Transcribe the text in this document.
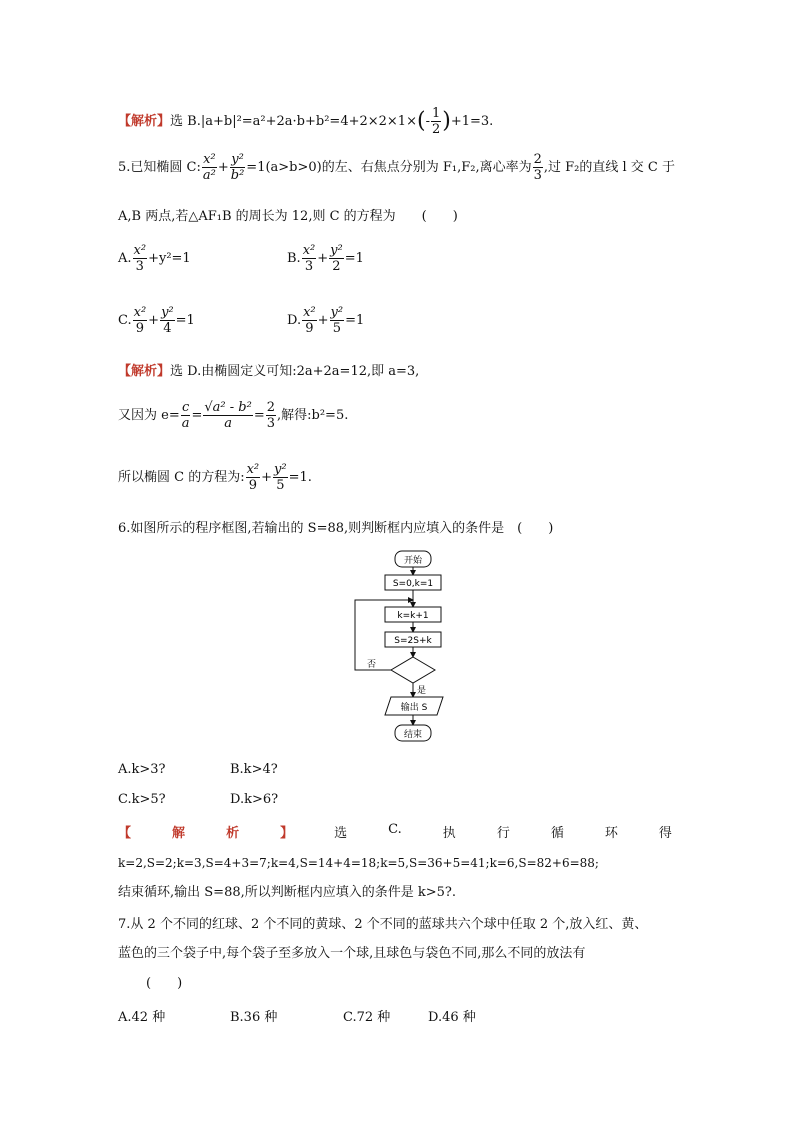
【解析】选 $B.|a+b|^2=a^2+2a\cdot b+b^2=4+2\times 2\times 1\times(- \frac{1}{2} )+1=3$.
5.已知椭圆 C: $\frac{\text{x²}}{\text{a²}} + \frac{\text{y²}}{\text{b²}} =1(a>b>0)$的左、右焦点分别为 F₁,F₂,离心率为 $\frac{2}{3}$ ,过 F₂的直线 l 交 C 于
A,B 两点,若△AF₁B 的周长为 12,则 C 的方程为　　(　　)
A. $\frac{\text{x²}}{3} +y^2=1$	B. $\frac{\text{x²}}{3} + \frac{\text{y²}}{2} =1$
C. $\frac{\text{x²}}{9} + \frac{\text{y²}}{4} =1$	D. $\frac{\text{x²}}{9} + \frac{\text{y²}}{5} =1$
【解析】选 D.由椭圆定义可知:2a+2a=12,即 a=3,
又因为 $e= \frac{c}{a} = \frac{\text{√a² - b²}}{a} = \frac{2}{3}$ ,解得:b²=5.
所以椭圆 C 的方程为: $\frac{\text{x²}}{9} + \frac{\text{y²}}{5} =1$.
6.如图所示的程序框图,若输出的 S=88,则判断框内应填入的条件是　(　　)
开始
S=0,k=1
k=k+1
S=2S+k
否
是
输出 S
结束
A.k>3?	B.k>4?
C.k>5?	D.k>6?
【	解	析	】	选	C.	执	行	循	环	得
k=2,S=2;k=3,S=4+3=7;k=4,S=14+4=18;k=5,S=36+5=41;k=6,S=82+6=88;
结束循环,输出 S=88,所以判断框内应填入的条件是 k>5?.
7.从 2 个不同的红球、2 个不同的黄球、2 个不同的蓝球共六个球中任取 2 个,放入红、黄、
蓝色的三个袋子中,每个袋子至多放入一个球,且球色与袋色不同,那么不同的放法有
(　　)
A.42 种	B.36 种	C.72 种	D.46 种
